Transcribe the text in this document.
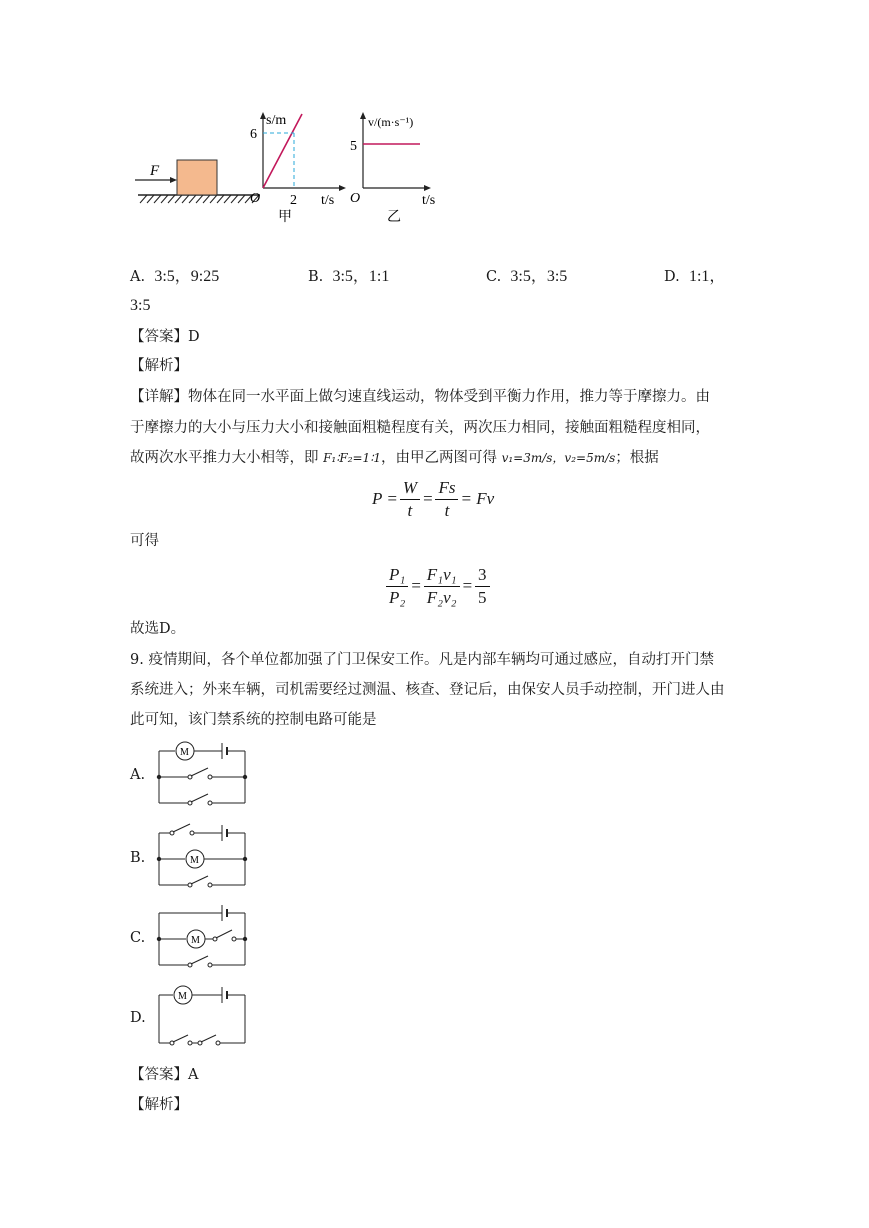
F
s/m
6
2
O	t/s
甲
v/(m·s⁻¹)
5
O	t/s
乙
A. 3:5，9:25	B. 3:5，1:1	C. 3:5，3:5	D. 1:1，
3:5
【答案】D
【解析】
【详解】物体在同一水平面上做匀速直线运动，物体受到平衡力作用，推力等于摩擦力。由
于摩擦力的大小与压力大小和接触面粗糙程度有关，两次压力相同，接触面粗糙程度相同，
故两次水平推力大小相等，即 F₁∶F₂=1∶1，由甲乙两图可得 v₁=3m/s，v₂=5m/s；根据
$P = \frac{W}{t} = \frac{Fs}{t} = Fv$
可得
$\frac{\text{P₁}}{\text{P₂}} = \frac{\text{F₁v₁}}{\text{F₂v₂}} = \frac{3}{5}$
故选D。
9. 疫情期间，各个单位都加强了门卫保安工作。凡是内部车辆均可通过感应，自动打开门禁
系统进入；外来车辆，司机需要经过测温、核查、登记后，由保安人员手动控制，开门进人由
此可知，该门禁系统的控制电路可能是
A.
M
B.	M
C.	M
D.
M
【答案】A
【解析】
